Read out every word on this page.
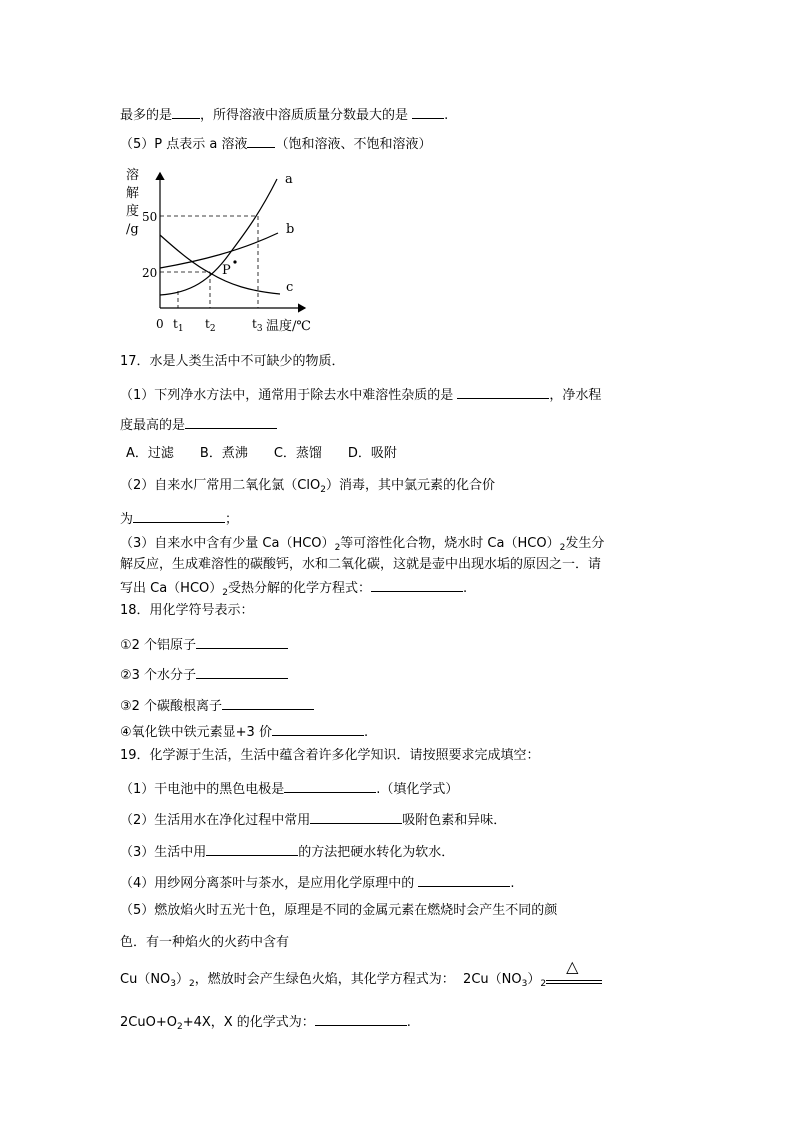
最多的是 ，所得溶液中溶质质量分数最大的是	.
（5）P 点表示 a 溶液 （饱和溶液、不饱和溶液）
溶
解
度
/g
a
b
c
P
50
20
0 $t_1$ $t_2$	$t_3$ 温度/℃
17．水是人类生活中不可缺少的物质．
（1）下列净水方法中，通常用于除去水中难溶性杂质的是	，净水程
度最高的是
A．过滤 B．煮沸 C．蒸馏 D．吸附
（2）自来水厂常用二氧化氯（ClO$_2$）消毒，其中氯元素的化合价
为	；
（3）自来水中含有少量 $Ca(HCO)_2$等可溶性化合物，烧水时 $Ca(HCO)_2$发生分
解反应，生成难溶性的碳酸钙，水和二氧化碳，这就是壶中出现水垢的原因之一．请
写出 $Ca(HCO)_2$受热分解的化学方程式：	.
18．用化学符号表示：
①2 个铝原子
②3 个水分子
③2 个碳酸根离子
④氧化铁中铁元素显+3 价	.
19．化学源于生活，生活中蕴含着许多化学知识．请按照要求完成填空：
（1）干电池中的黑色电极是	.（填化学式）
（2）生活用水在净化过程中常用	吸附色素和异味．
（3）生活中用	的方法把硬水转化为软水．
（4）用纱网分离茶叶与茶水，是应用化学原理中的	.
（5）燃放焰火时五光十色，原理是不同的金属元素在燃烧时会产生不同的颜
色．有一种焰火的火药中含有
$Cu(NO_3)_2$，燃放时会产生绿色火焰，其化学方程式为： $2Cu(NO_3)_2$
△
$2CuO+O_2+4X$，X 的化学式为：	.
